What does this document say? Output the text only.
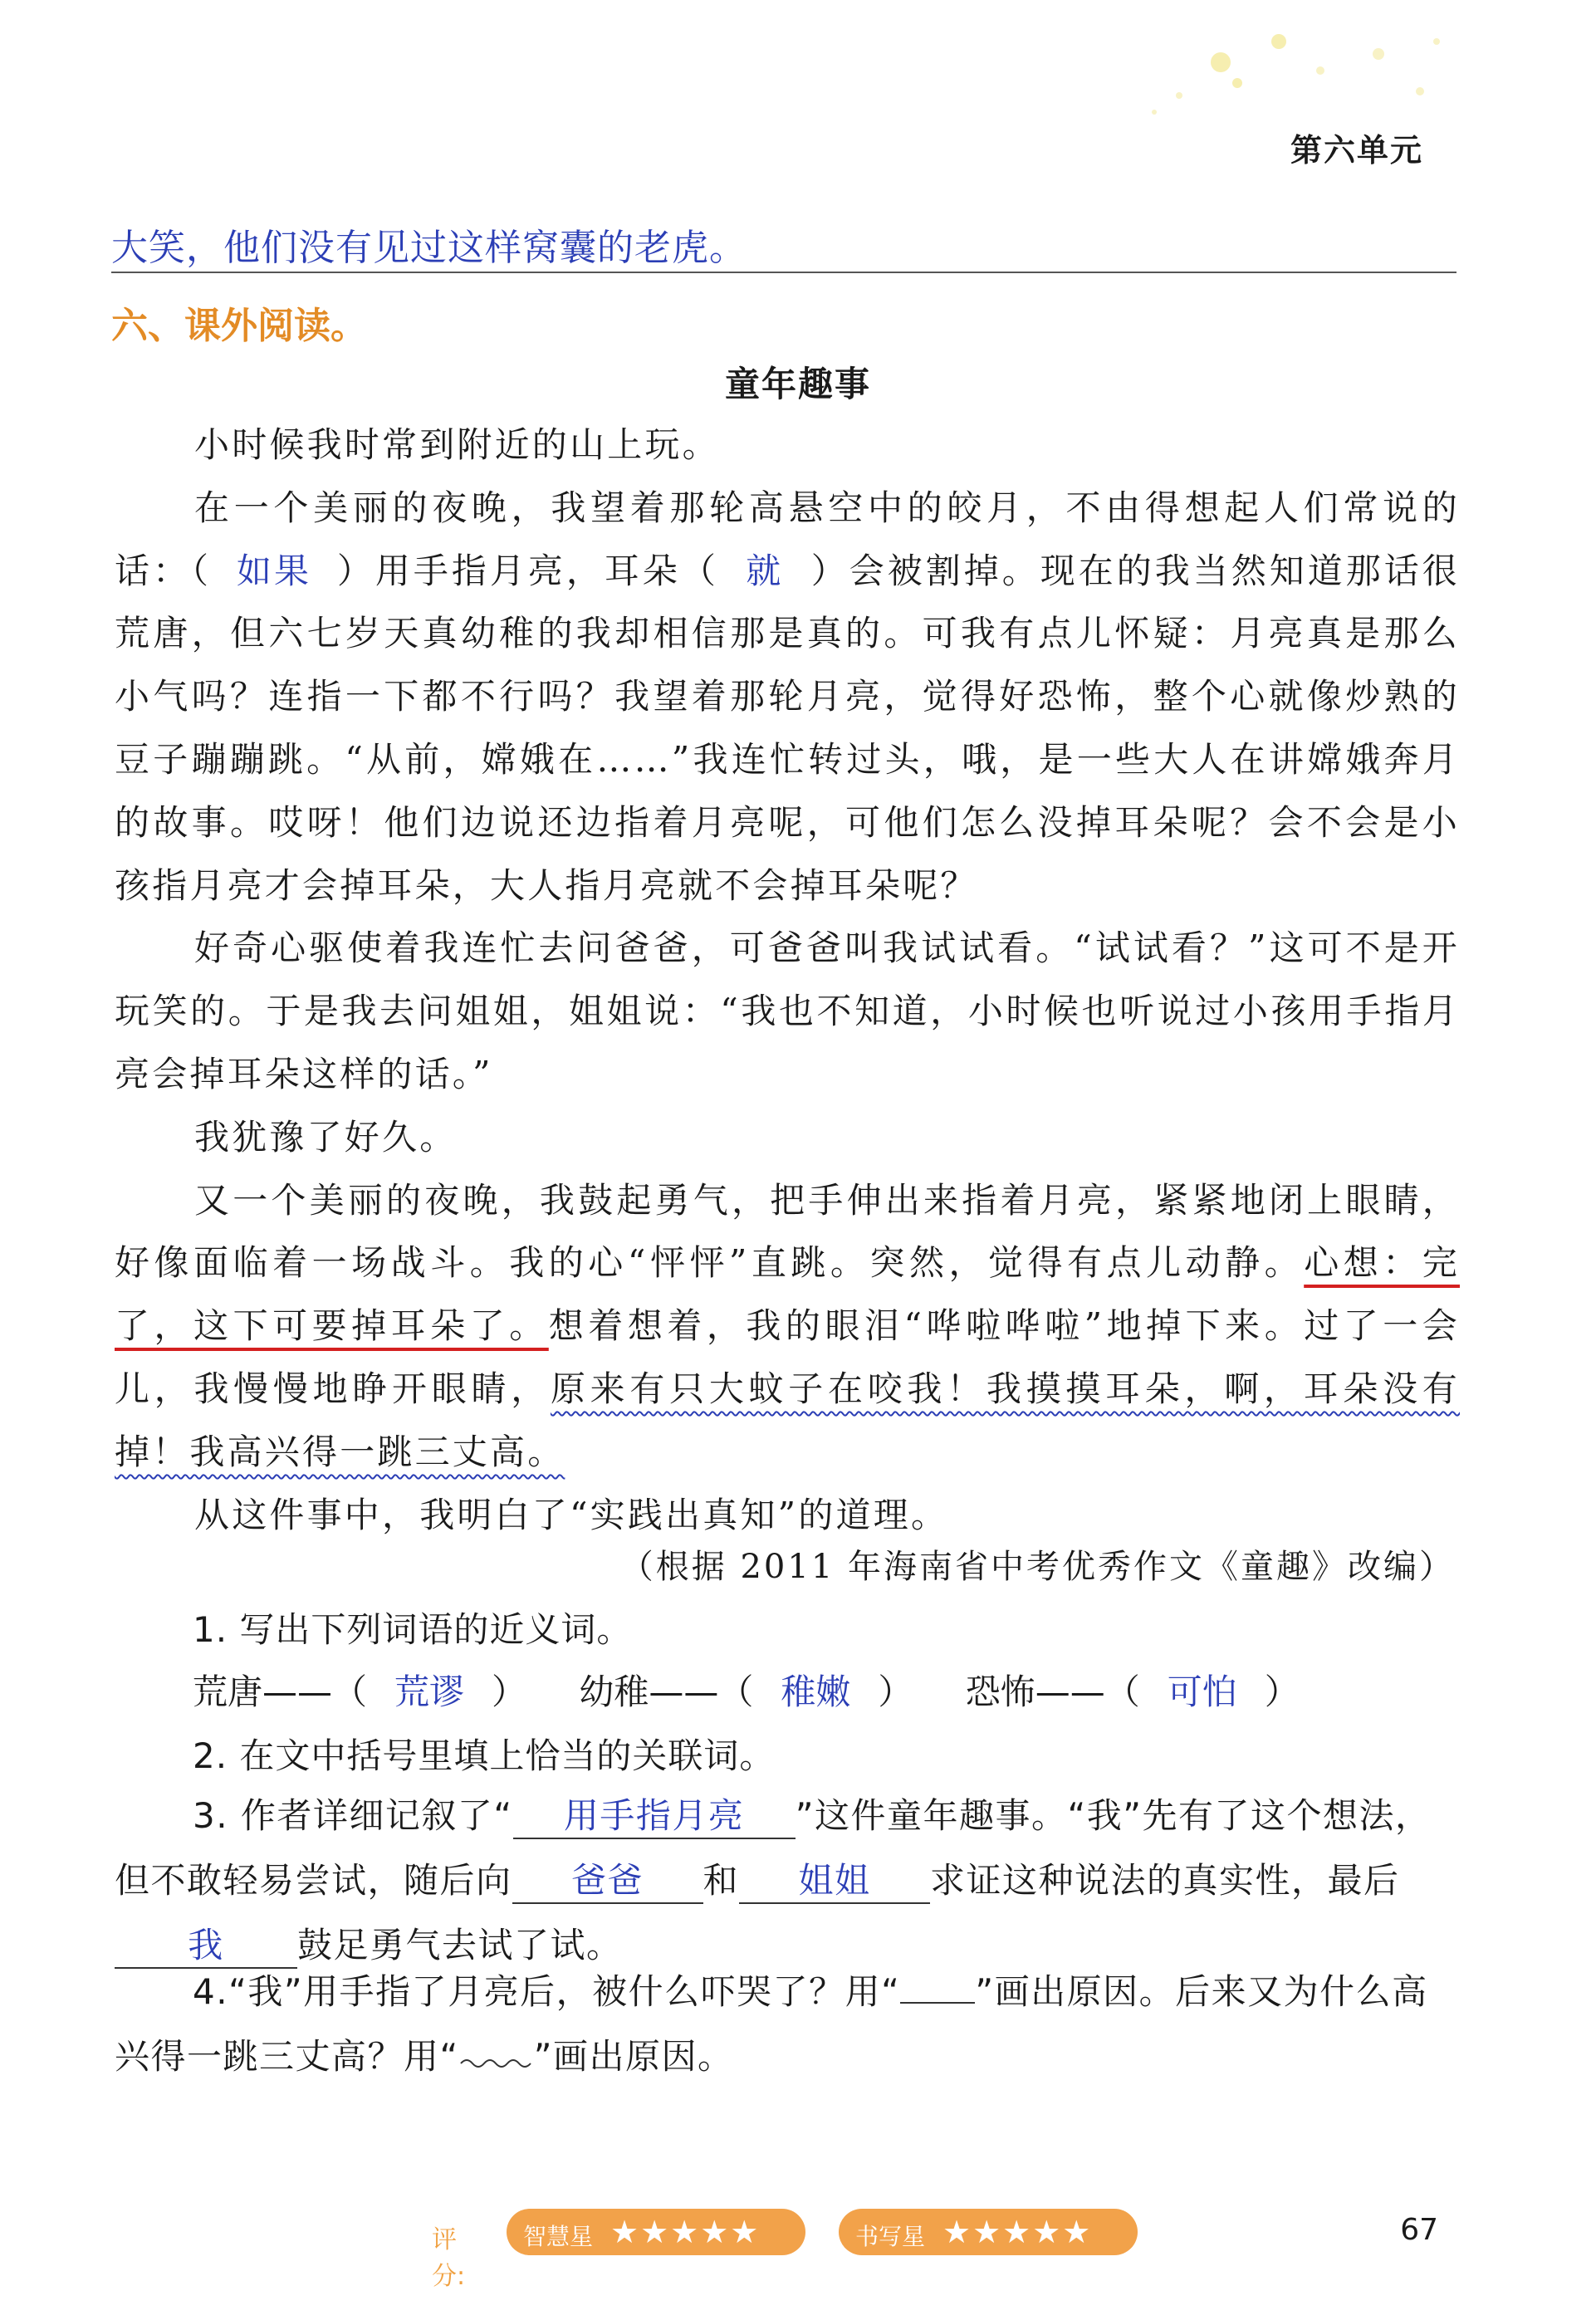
第六单元
大笑，他们没有见过这样窝囊的老虎。
六、课外阅读。
童年趣事

小时候我时常到附近的山上玩。

在一个美丽的夜晚，我望着那轮高悬空中的皎月，不由得想起人们常说的话：（ 如果 ）用手指月亮，耳朵（ 就 ）会被割掉。现在的我当然知道那话很荒唐，但六七岁天真幼稚的我却相信那是真的。可我有点儿怀疑：月亮真是那么小气吗？连指一下都不行吗？我望着那轮月亮，觉得好恐怖，整个心就像炒熟的豆子蹦蹦跳。“从前，嫦娥在……”我连忙转过头，哦，是一些大人在讲嫦娥奔月的故事。哎呀！他们边说还边指着月亮呢，可他们怎么没掉耳朵呢？会不会是小孩指月亮才会掉耳朵，大人指月亮就不会掉耳朵呢？

好奇心驱使着我连忙去问爸爸，可爸爸叫我试试看。“试试看？”这可不是开玩笑的。于是我去问姐姐，姐姐说：“我也不知道，小时候也听说过小孩用手指月亮会掉耳朵这样的话。”

我犹豫了好久。

又一个美丽的夜晚，我鼓起勇气，把手伸出来指着月亮，紧紧地闭上眼睛，好像面临着一场战斗。我的心“怦怦”直跳。突然，觉得有点儿动静。心想：完了，这下可要掉耳朵了。想着想着，我的眼泪“哗啦哗啦”地掉下来。过了一会儿，我慢慢地睁开眼睛，原来有只大蚊子在咬我！我摸摸耳朵，啊，耳朵没有掉！我高兴得一跳三丈高。

从这件事中，我明白了“实践出真知”的道理。

（根据 2011 年海南省中考优秀作文《童趣》改编）
1. 写出下列词语的近义词。
荒唐——（ 荒谬 ） 幼稚——（ 稚嫩 ） 恐怖——（ 可怕 ）
2. 在文中括号里填上恰当的关联词。
3. 作者详细记叙了“ 用手指月亮 ”这件童年趣事。“我”先有了这个想法，但不敢轻易尝试，随后向 爸爸 和 姐姐 求证这种说法的真实性，最后我 鼓足勇气去试了试。
4.“我”用手指了月亮后，被什么吓哭了？用“ ”画出原因。后来又为什么高兴得一跳三丈高？用“ ”画出原因。
评分:
智慧星 ★★★★★	书写星 ★★★★★	67
